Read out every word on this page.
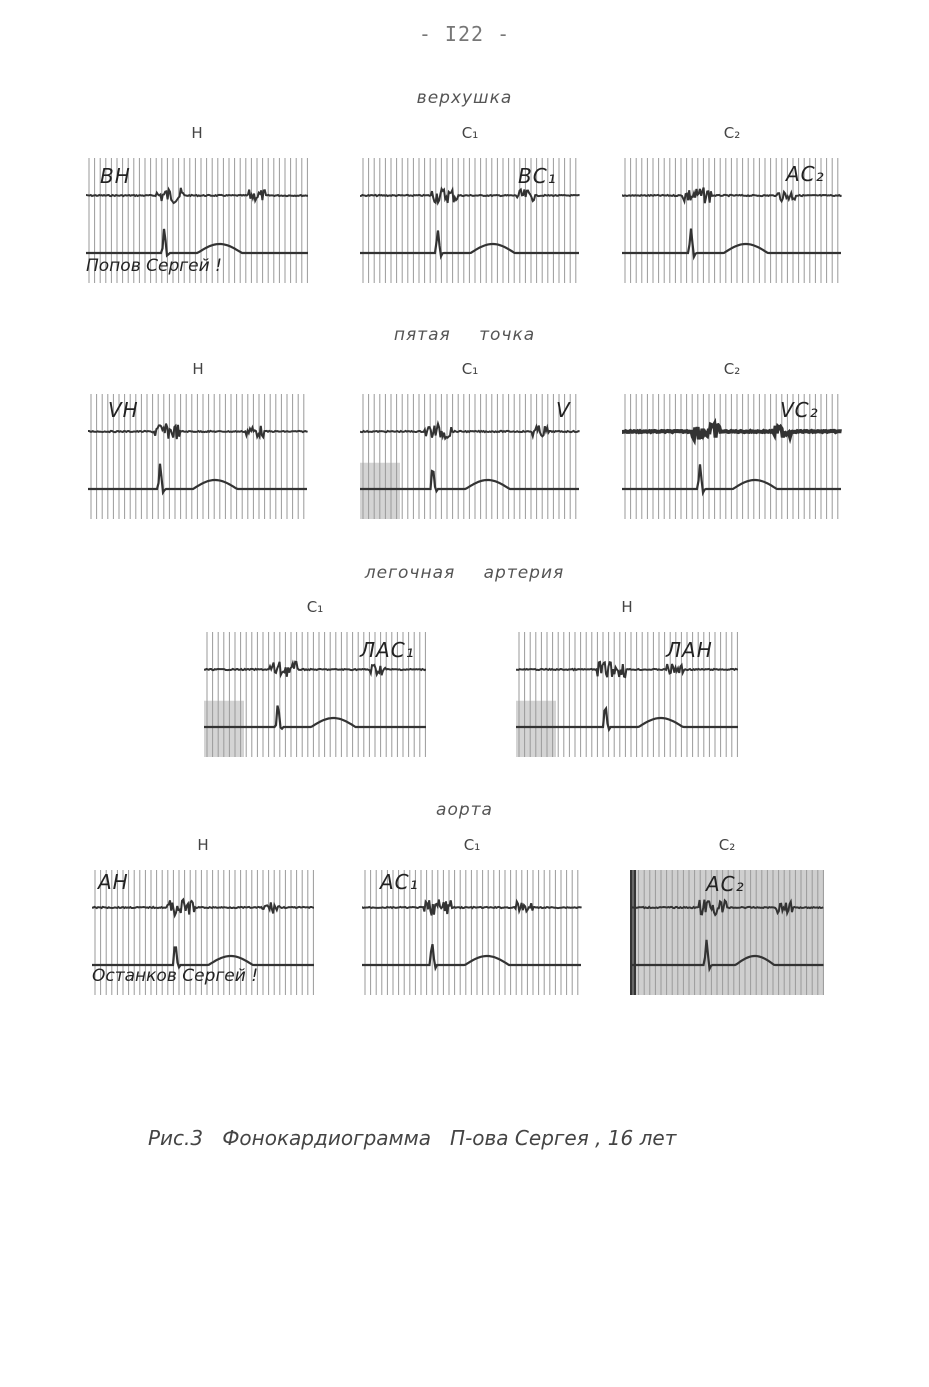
- I22 -
верхушка
пятая точка
легочная артерия
аорта
Н
ВН
Попов Сергей !
С₁
ВС₁
С₂
АС₂
Н
VН
С₁
V
С₂
VС₂
С₁
ЛАС₁
Н
ЛАН
Н
АН
Останков Сергей !
С₁
АС₁
С₂
АС₂
Рис.3   Фонокардиограмма   П-ова Сергея , 16 лет
